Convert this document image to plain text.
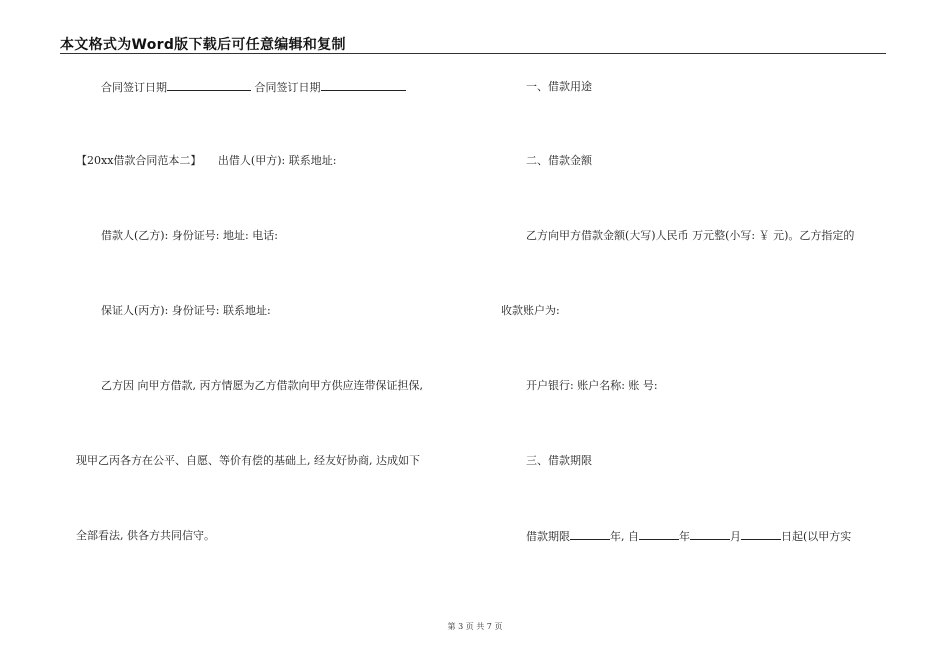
本文格式为Word版下载后可任意编辑和复制
合同签订日期	合同签订日期
【20xx借款合同范本二】　　出借人(甲方): 联系地址:
借款人(乙方): 身份证号: 地址: 电话:
保证人(丙方): 身份证号: 联系地址:
乙方因 向甲方借款, 丙方情愿为乙方借款向甲方供应连带保证担保,
现甲乙丙各方在公平、自愿、等价有偿的基础上, 经友好协商, 达成如下
全部看法, 供各方共同信守。
一、借款用途
二、借款金额
乙方向甲方借款金额(大写)人民币 万元整(小写: ￥ 元)。乙方指定的
收款账户为:
开户银行: 账户名称: 账 号:
三、借款期限
借款期限	年, 自	年	月	日起(以甲方实
第 3 页 共 7 页
